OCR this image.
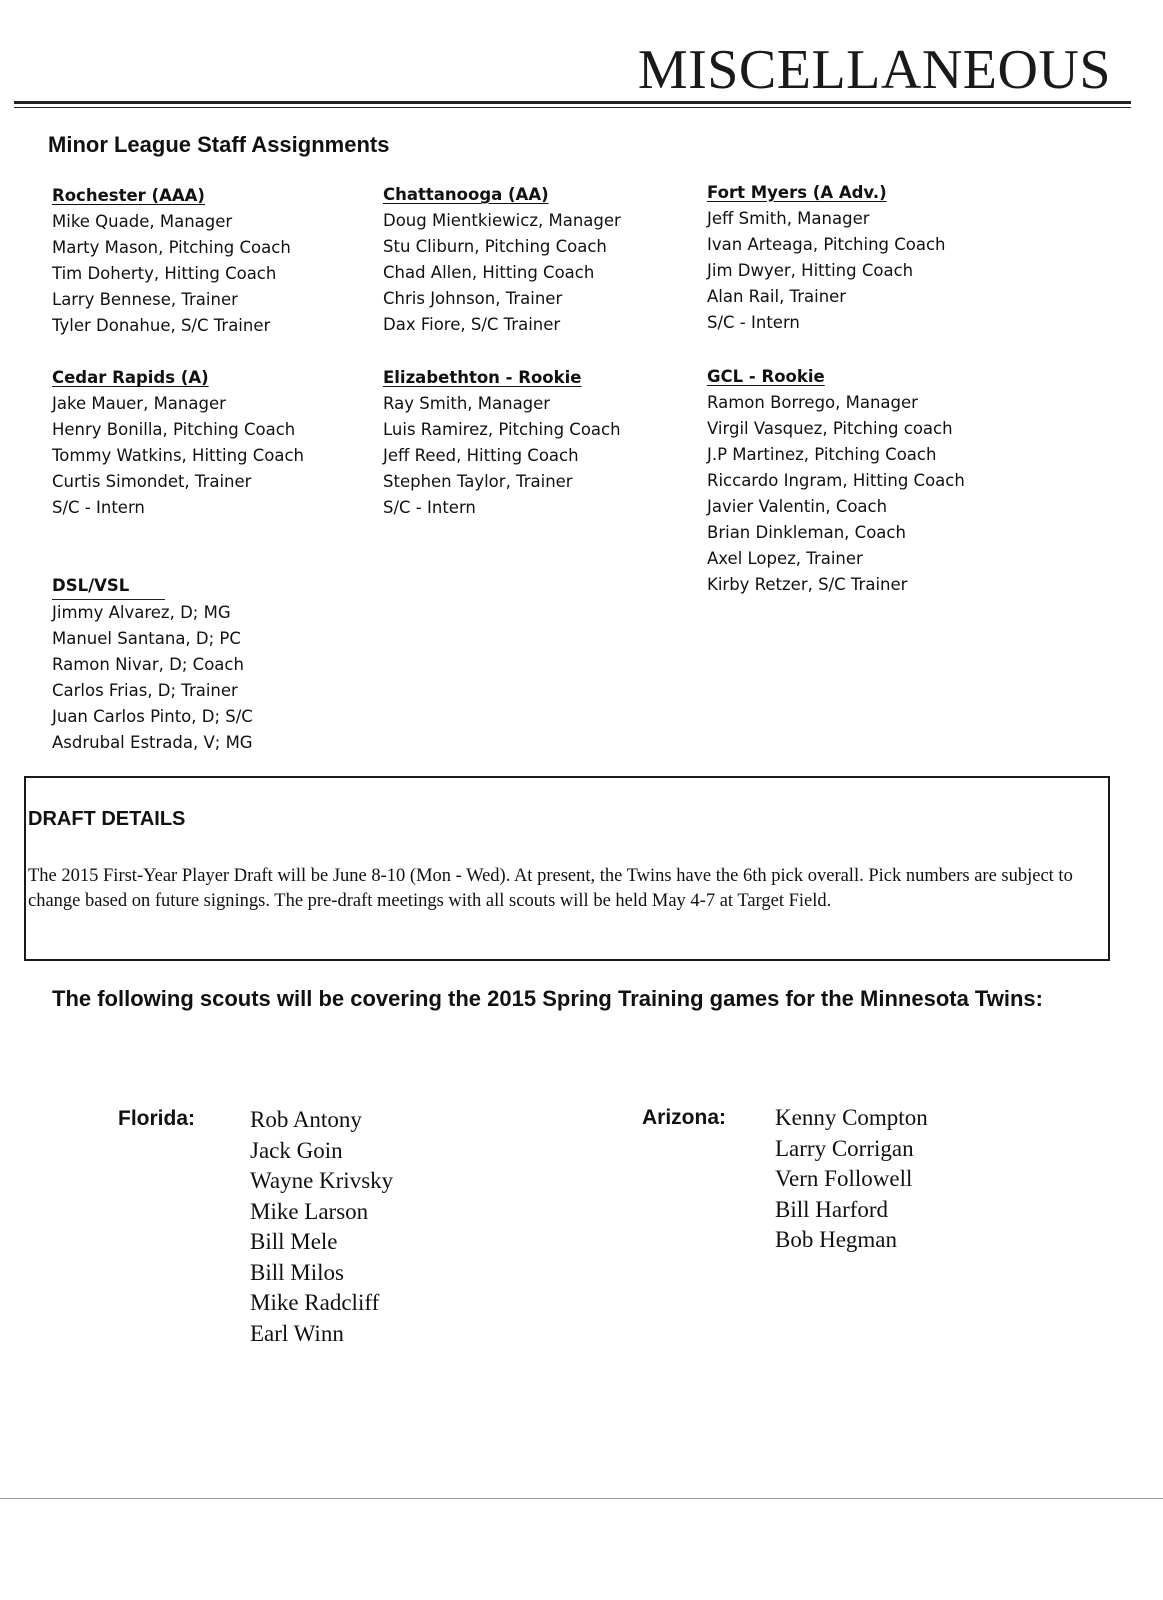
MISCELLANEOUS
Minor League Staff Assignments
Rochester (AAA)
Mike Quade, Manager
Marty Mason, Pitching Coach
Tim Doherty, Hitting Coach
Larry Bennese, Trainer
Tyler Donahue, S/C Trainer
Cedar Rapids (A)
Jake Mauer, Manager
Henry Bonilla, Pitching Coach
Tommy Watkins, Hitting Coach
Curtis Simondet, Trainer
S/C - Intern
DSL/VSL
Jimmy Alvarez, D; MG
Manuel Santana, D; PC
Ramon Nivar, D; Coach
Carlos Frias, D; Trainer
Juan Carlos Pinto, D; S/C
Asdrubal Estrada, V; MG
Chattanooga (AA)
Doug Mientkiewicz, Manager
Stu Cliburn, Pitching Coach
Chad Allen, Hitting Coach
Chris Johnson, Trainer
Dax Fiore, S/C Trainer
Elizabethton - Rookie
Ray Smith, Manager
Luis Ramirez, Pitching Coach
Jeff Reed, Hitting Coach
Stephen Taylor, Trainer
S/C - Intern
Fort Myers (A Adv.)
Jeff Smith, Manager
Ivan Arteaga, Pitching Coach
Jim Dwyer, Hitting Coach
Alan Rail, Trainer
S/C - Intern
GCL - Rookie
Ramon Borrego, Manager
Virgil Vasquez, Pitching coach
J.P Martinez, Pitching Coach
Riccardo Ingram, Hitting Coach
Javier Valentin, Coach
Brian Dinkleman, Coach
Axel Lopez, Trainer
Kirby Retzer, S/C Trainer
DRAFT DETAILS

The 2015 First-Year Player Draft will be June 8-10 (Mon - Wed). At present, the Twins have the 6th pick overall. Pick numbers are subject to change based on future signings. The pre-draft meetings with all scouts will be held May 4-7 at Target Field.

The following scouts will be covering the 2015 Spring Training games for the Minnesota Twins:

Florida: Rob Antony
Jack Goin
Wayne Krivsky
Mike Larson
Bill Mele
Bill Milos
Mike Radcliff
Earl Winn
Arizona: Kenny Compton
Larry Corrigan
Vern Followell
Bill Harford
Bob Hegman
